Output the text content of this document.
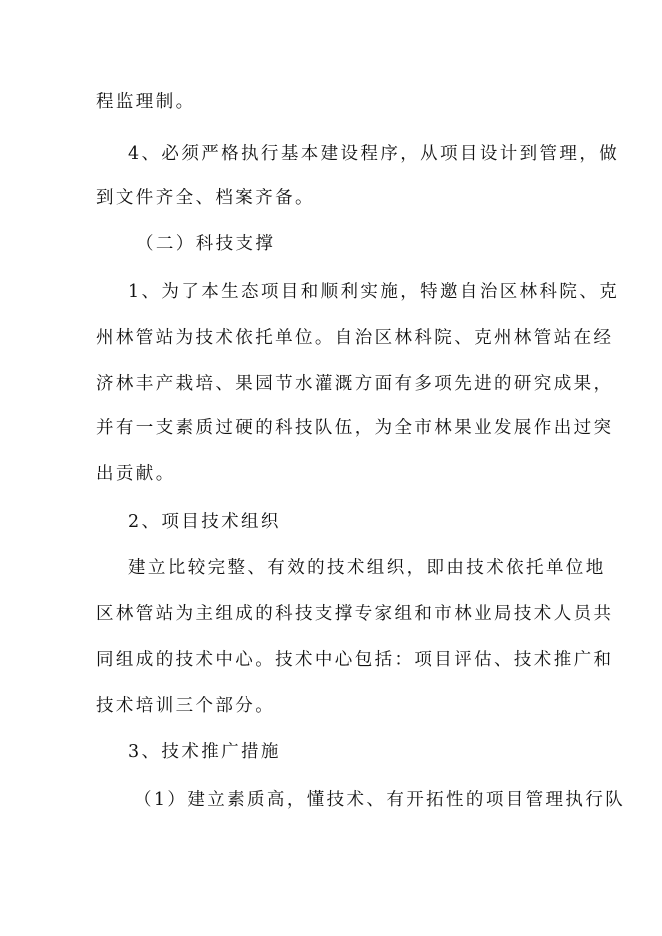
程监理制。
4、必须严格执行基本建设程序，从项目设计到管理，做
到文件齐全、档案齐备。
（二）科技支撑
1、为了本生态项目和顺利实施，特邀自治区林科院、克
州林管站为技术依托单位。自治区林科院、克州林管站在经
济林丰产栽培、果园节水灌溉方面有多项先进的研究成果，
并有一支素质过硬的科技队伍，为全市林果业发展作出过突
出贡献。
2、项目技术组织
建立比较完整、有效的技术组织，即由技术依托单位地
区林管站为主组成的科技支撑专家组和市林业局技术人员共
同组成的技术中心。技术中心包括：项目评估、技术推广和
技术培训三个部分。
3、技术推广措施
（1）建立素质高，懂技术、有开拓性的项目管理执行队
